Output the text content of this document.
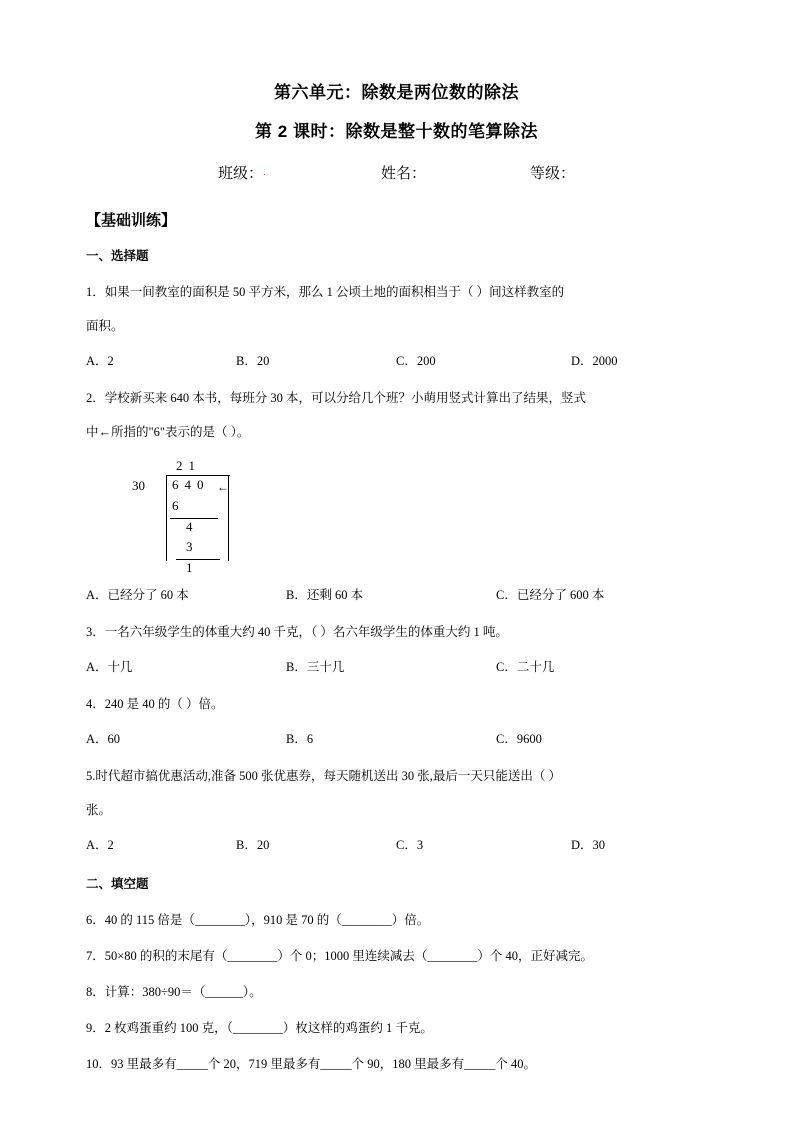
第六单元：除数是两位数的除法
第 2 课时：除数是整十数的笔算除法
班级： .	姓名：	等级：
【基础训练】
一、选择题
1．如果一间教室的面积是 50 平方米，那么 1 公顷土地的面积相当于（ ）间这样教室的
面积。
A．2	B．20	C．200	D．2000
2．学校新买来 640 本书，每班分 30 本，可以分给几个班？小萌用竖式计算出了结果，竖式
中←所指的"6"表示的是（ ）。
21
30 640 ←
6
4
3
1
A．已经分了 60 本	B．还剩 60 本	C．已经分了 600 本
3．一名六年级学生的体重大约 40 千克，（ ）名六年级学生的体重大约 1 吨。
A．十几	B．三十几	C．二十几
4．240 是 40 的（ ）倍。
A．60	B．6	C．9600
5.时代超市搞优惠活动,准备 500 张优惠券，每天随机送出 30 张,最后一天只能送出（ ）
张。
A．2	B．20	C．3	D．30
二、填空题
6．40 的 115 倍是（________），910 是 70 的（________）倍。
7．50×80 的积的末尾有（________）个 0；1000 里连续减去（________）个 40，正好减完。
8．计算：380÷90＝（______）。
9．2 枚鸡蛋重约 100 克，（________）枚这样的鸡蛋约 1 千克。
10．93 里最多有_____个 20，719 里最多有_____个 90，180 里最多有_____个 40。
